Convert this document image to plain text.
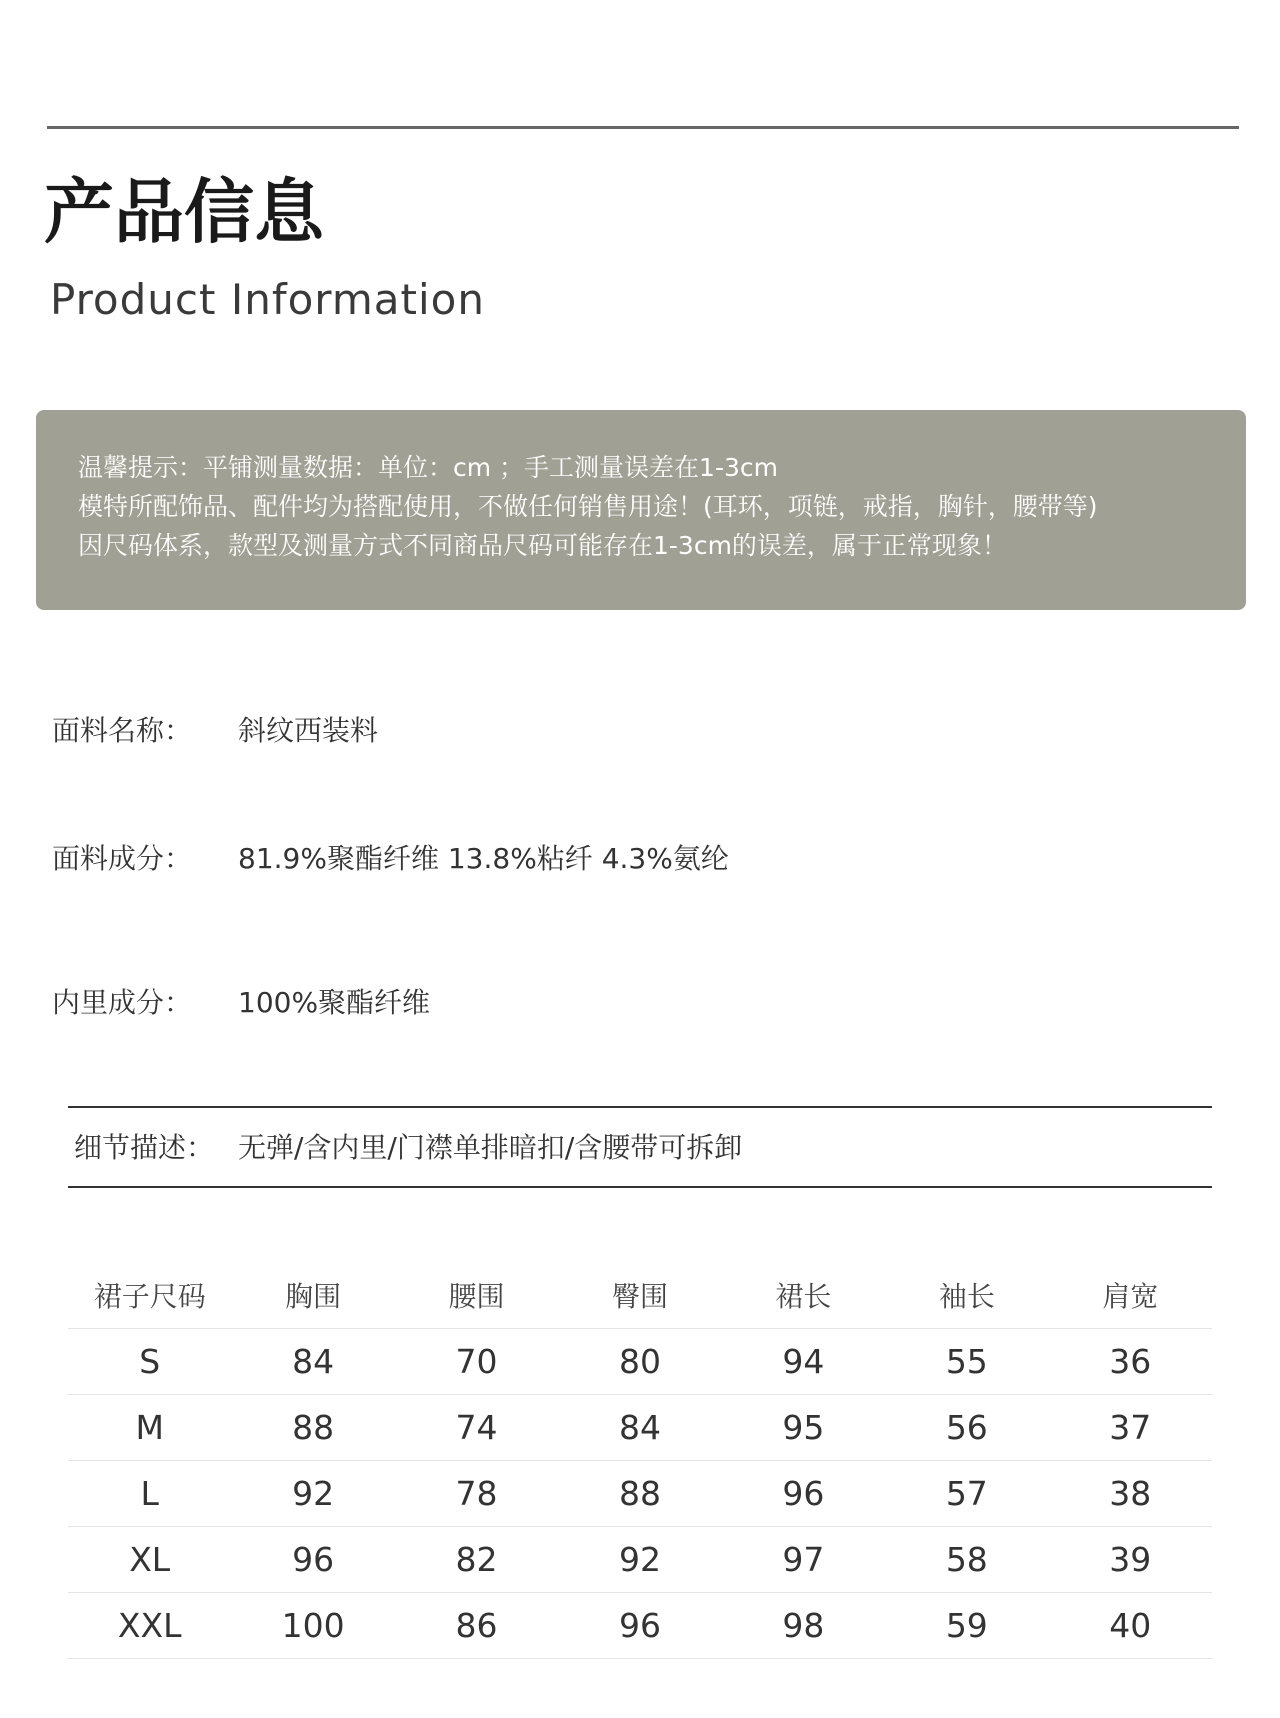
产品信息
Product Information
温馨提示：平铺测量数据：单位：cm ；手工测量误差在1-3cm
模特所配饰品、配件均为搭配使用，不做任何销售用途！(耳环，项链，戒指，胸针，腰带等)
因尺码体系，款型及测量方式不同商品尺码可能存在1-3cm的误差，属于正常现象！
面料名称： 斜纹西装料
面料成分： 81.9%聚酯纤维 13.8%粘纤 4.3%氨纶
内里成分： 100%聚酯纤维
细节描述： 无弹/含内里/门襟单排暗扣/含腰带可拆卸
裙子尺码	胸围	腰围	臀围	裙长	袖长	肩宽
S	84	70	80	94	55	36
M	88	74	84	95	56	37
L	92	78	88	96	57	38
XL	96	82	92	97	58	39
XXL	100	86	96	98	59	40
